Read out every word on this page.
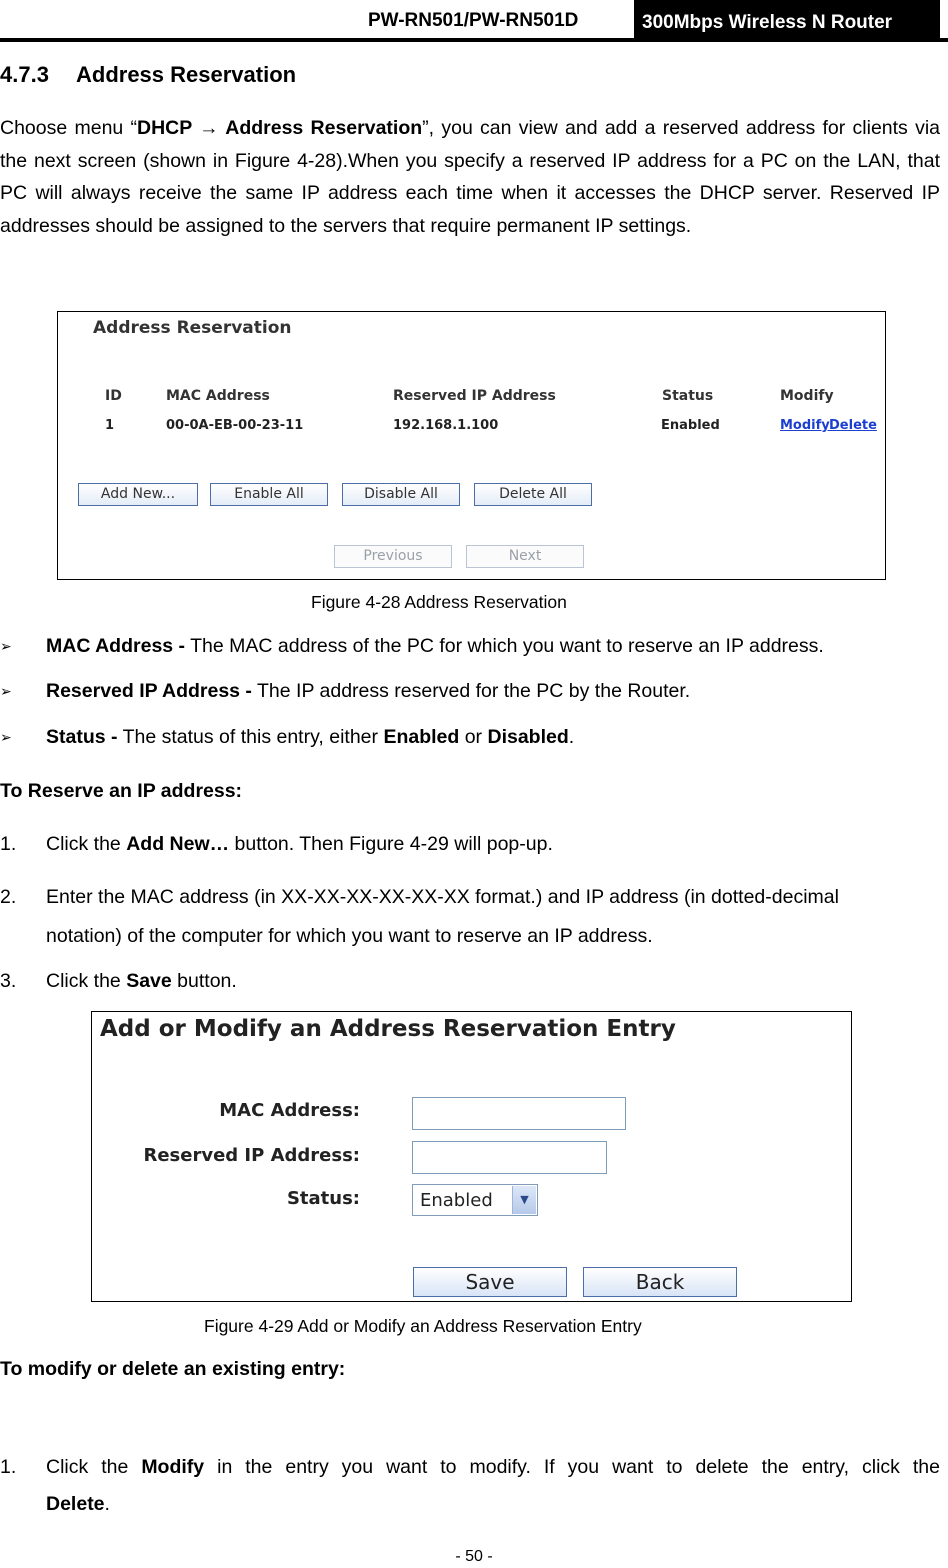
PW-RN501/PW-RN501D	300Mbps Wireless N Router
4.7.3 Address Reservation
Choose menu “DHCP → Address Reservation”, you can view and add a reserved address for clients via the next screen (shown in Figure 4-28).When you specify a reserved IP address for a PC on the LAN, that PC will always receive the same IP address each time when it accesses the DHCP server. Reserved IP addresses should be assigned to the servers that require permanent IP settings.
Address Reservation
ID	MAC Address	Reserved IP Address	Status	Modify
1	00-0A-EB-00-23-11	192.168.1.100	Enabled	Modify Delete
Add New...	Enable All	Disable All	Delete All
Previous	Next
Figure 4-28 Address Reservation
➢ MAC Address - The MAC address of the PC for which you want to reserve an IP address.
➢ Reserved IP Address - The IP address reserved for the PC by the Router.
➢ Status - The status of this entry, either Enabled or Disabled.
To Reserve an IP address:
1. Click the Add New… button. Then Figure 4-29 will pop-up.
2. Enter the MAC address (in XX-XX-XX-XX-XX-XX format.) and IP address (in dotted-decimal
notation) of the computer for which you want to reserve an IP address.
3. Click the Save button.
Add or Modify an Address Reservation Entry
MAC Address:
Reserved IP Address:
Status:	Enabled	▼
Save	Back
Figure 4-29 Add or Modify an Address Reservation Entry
To modify or delete an existing entry:
1. Click the Modify in the entry you want to modify. If you want to delete the entry, click the
Delete.
- 50 -
